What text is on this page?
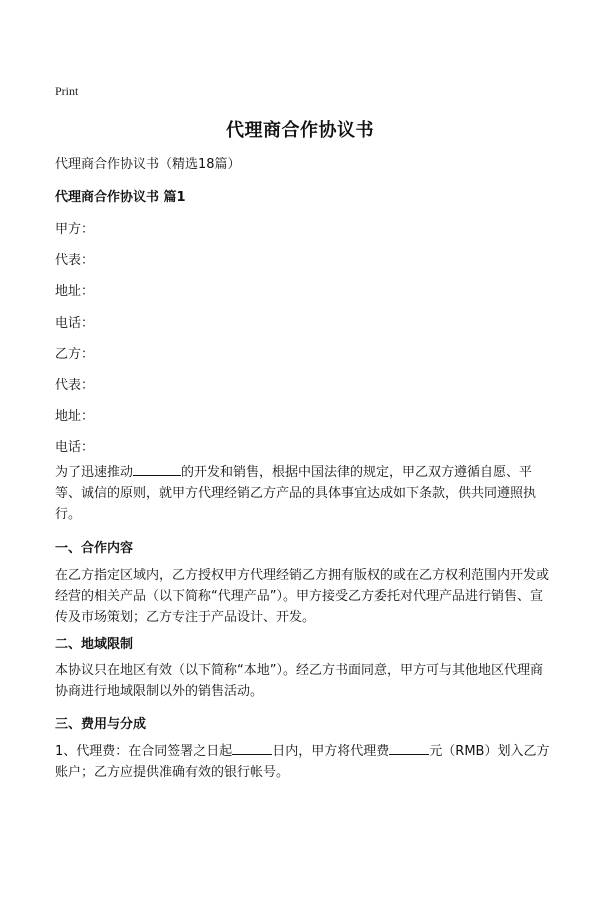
Print
代理商合作协议书
代理商合作协议书（精选18篇）
代理商合作协议书 篇1
甲方：
代表：
地址：
电话：
乙方：
代表：
地址：
电话：
为了迅速推动	的开发和销售，根据中国法律的规定，甲乙双方遵循自愿、平等、诚信的原则，就甲方代理经销乙方产品的具体事宜达成如下条款，供共同遵照执行。
一、合作内容
在乙方指定区域内，乙方授权甲方代理经销乙方拥有版权的或在乙方权利范围内开发或经营的相关产品（以下简称“代理产品”）。甲方接受乙方委托对代理产品进行销售、宣传及市场策划；乙方专注于产品设计、开发。
二、地域限制
本协议只在地区有效（以下简称“本地”）。经乙方书面同意，甲方可与其他地区代理商协商进行地域限制以外的销售活动。
三、费用与分成
1、代理费：在合同签署之日起	日内，甲方将代理费	元（RMB）划入乙方账户；乙方应提供准确有效的银行帐号。
